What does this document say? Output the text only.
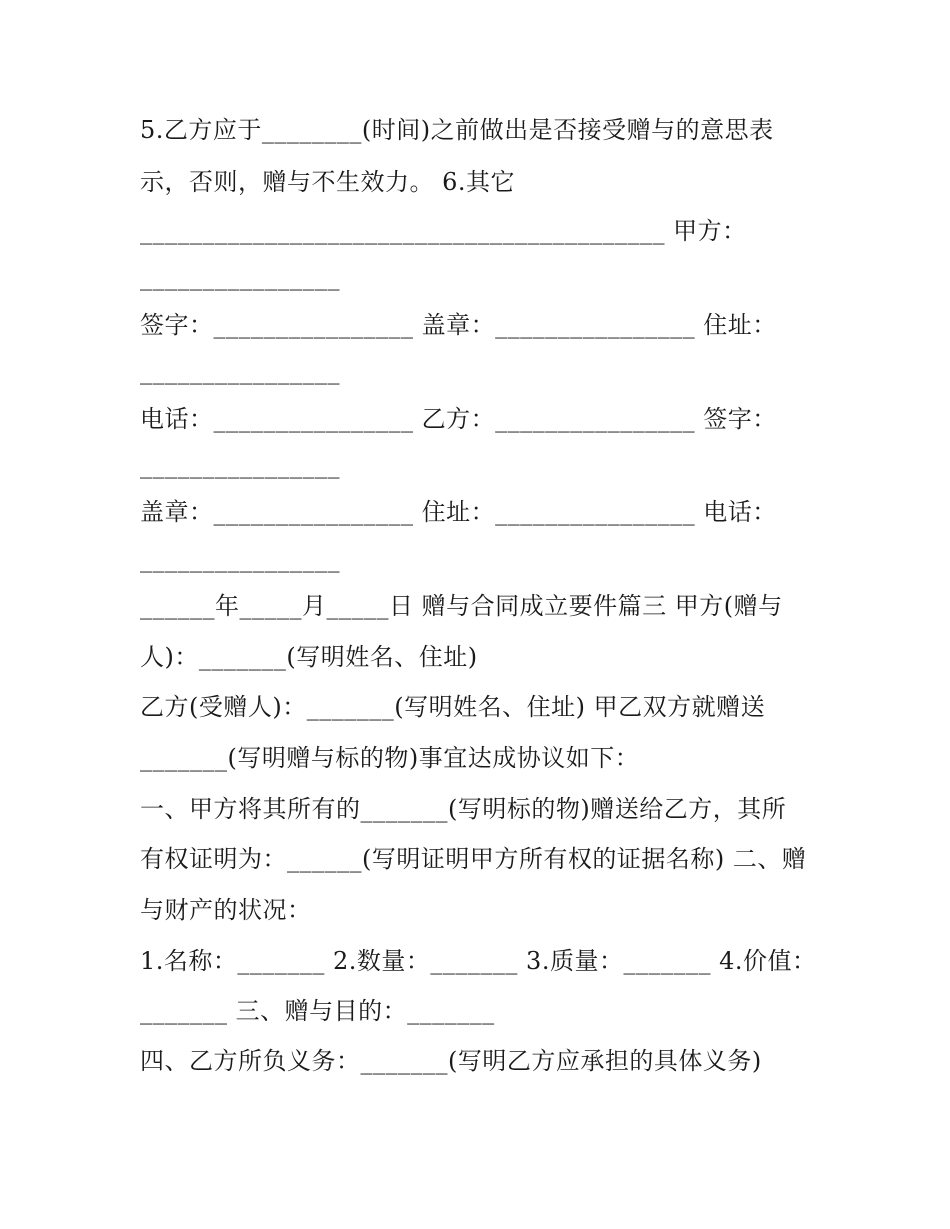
5.乙方应于________(时间)之前做出是否接受赠与的意思表
示，否则，赠与不生效力。 6.其它
__________________________________________ 甲方：
________________
签字：________________ 盖章：________________ 住址：
________________
电话：________________ 乙方：________________ 签字：
________________
盖章：________________ 住址：________________ 电话：
________________
______年_____月_____日 赠与合同成立要件篇三 甲方(赠与
人)：_______(写明姓名、住址)
乙方(受赠人)：_______(写明姓名、住址) 甲乙双方就赠送
_______(写明赠与标的物)事宜达成协议如下：
一、甲方将其所有的_______(写明标的物)赠送给乙方，其所
有权证明为：______(写明证明甲方所有权的证据名称) 二、赠
与财产的状况：
1.名称：_______ 2.数量：_______ 3.质量：_______ 4.价值：
_______ 三、赠与目的：_______
四、乙方所负义务：_______(写明乙方应承担的具体义务)
